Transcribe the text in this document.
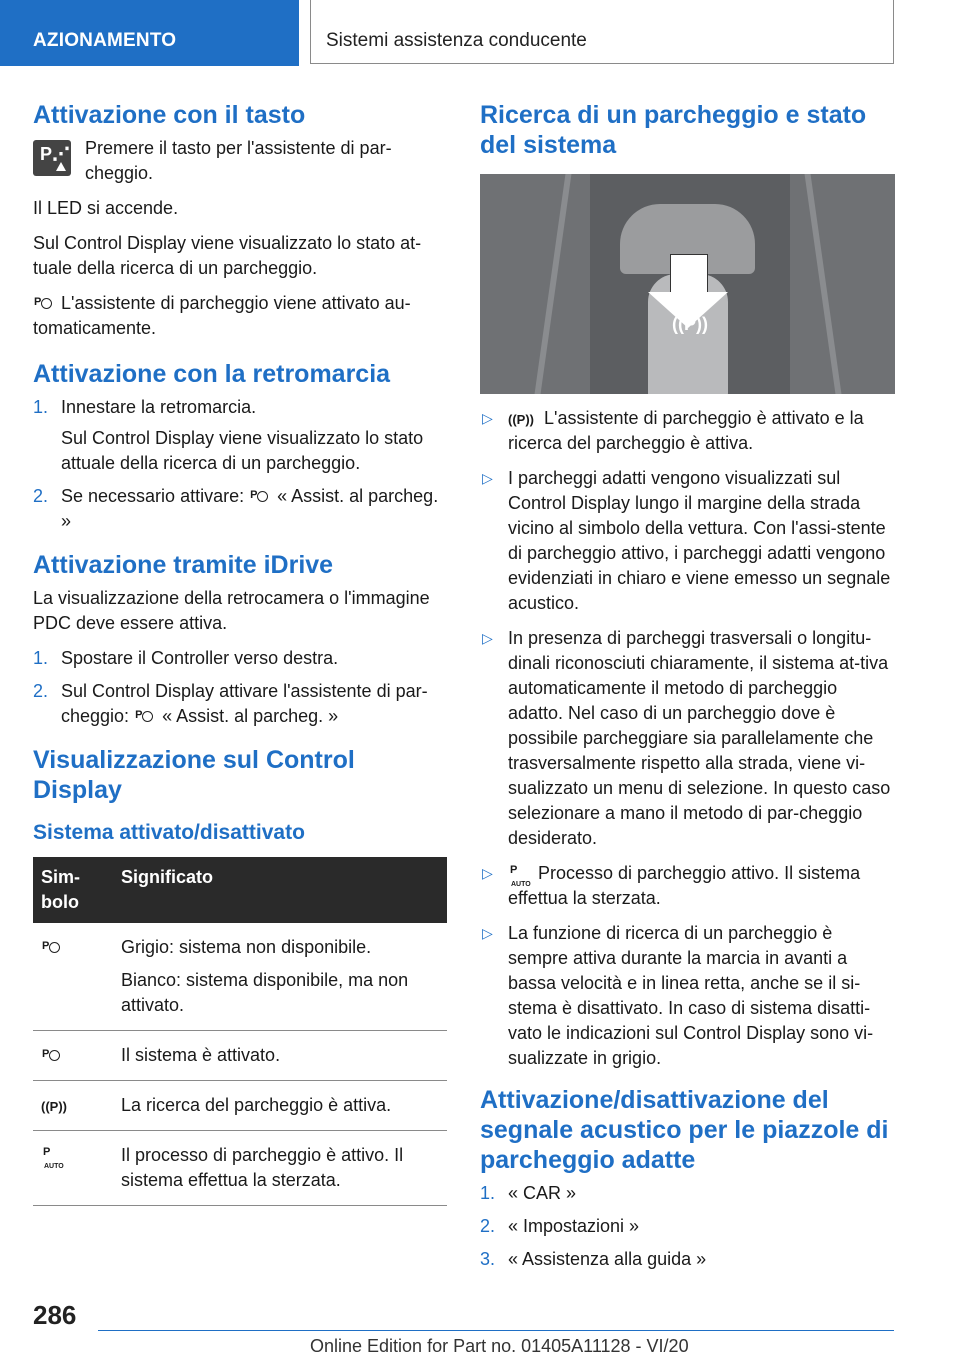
AZIONAMENTO	Sistemi assistenza conducente
Attivazione con il tasto
P⋰ Premere il tasto per l'assistente di par-cheggio.

Il LED si accende.

Sul Control Display viene visualizzato lo stato at-tuale della ricerca di un parcheggio.

P L'assistente di parcheggio viene attivato au-tomaticamente.

Attivazione con la retromarcia
1. Innestare la retromarcia.

Sul Control Display viene visualizzato lo stato attuale della ricerca di un parcheggio.

2. Se necessario attivare: P « Assist. al parcheg. »
Attivazione tramite iDrive

La visualizzazione della retrocamera o l'immagine PDC deve essere attiva.

1. Spostare il Controller verso destra.
2. Sul Control Display attivare l'assistente di par-cheggio: P « Assist. al parcheg. »
Visualizzazione sul Control Display
Sistema attivato/disattivato
Sim-bolo	Significato

P	Grigio: sistema non disponibile.

Bianco: sistema disponibile, ma non attivato.

P	Il sistema è attivato.

((P))	La ricerca del parcheggio è attiva.

P
AUTO	Il processo di parcheggio è attivo. Il sistema effettua la sterzata.

Ricerca di un parcheggio e stato del sistema
((P))
▷ ((P)) L'assistente di parcheggio è attivato e la ricerca del parcheggio è attiva.
▷ I parcheggi adatti vengono visualizzati sul Control Display lungo il margine della strada vicino al simbolo della vettura. Con l'assi-stente di parcheggio attivo, i parcheggi adatti vengono evidenziati in chiaro e viene emesso un segnale acustico.
▷ In presenza di parcheggi trasversali o longitu-dinali riconosciuti chiaramente, il sistema at-tiva automaticamente il metodo di parcheggio adatto. Nel caso di un parcheggio dove è possibile parcheggiare sia parallelamente che trasversalmente rispetto alla strada, viene vi-sualizzato un menu di selezione. In questo caso selezionare a mano il metodo di par-cheggio desiderato.
▷ P
AUTO
Processo di parcheggio attivo. Il sistema effettua la sterzata.
▷ La funzione di ricerca di un parcheggio è sempre attiva durante la marcia in avanti a bassa velocità e in linea retta, anche se il si-stema è disattivato. In caso di sistema disatti-vato le indicazioni sul Control Display sono vi-sualizzate in grigio.
Attivazione/disattivazione del segnale acustico per le piazzole di parcheggio adatte
1. « CAR »
2. « Impostazioni »
3. « Assistenza alla guida »
286
Online Edition for Part no. 01405A11128 - VI/20
